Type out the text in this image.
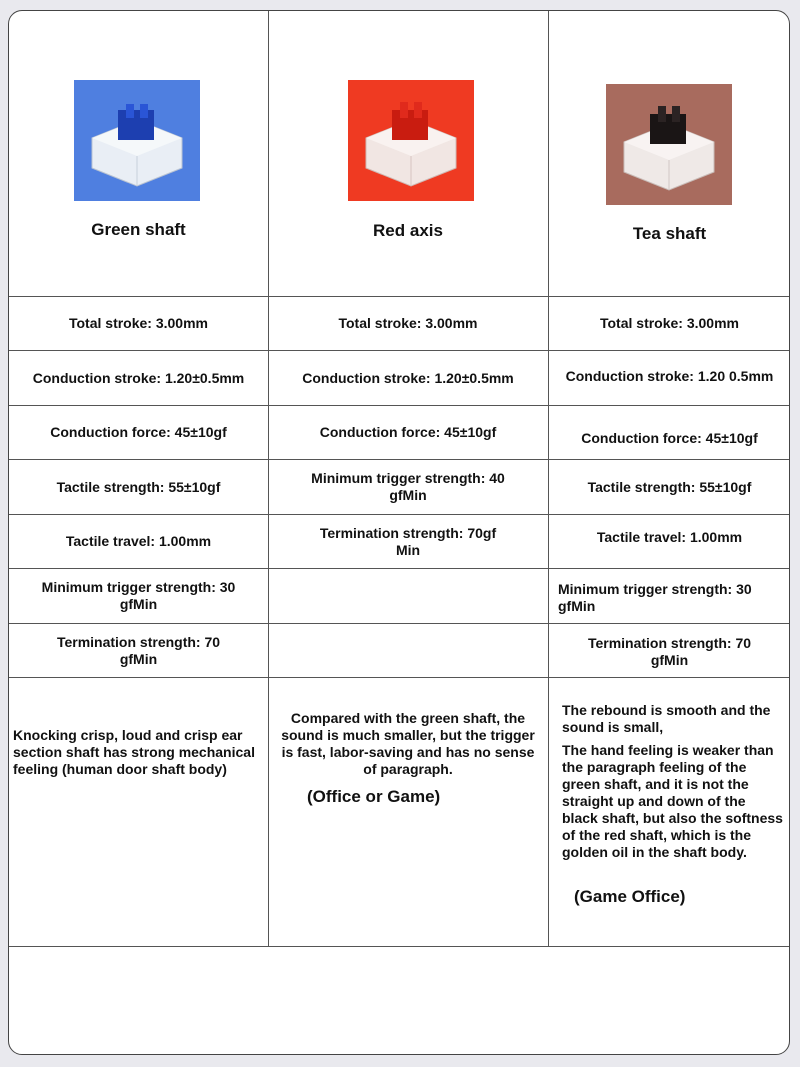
Green shaft	Red axis	Tea shaft
Total stroke: 3.00mm
Conduction stroke: 1.20±0.5mm
Conduction force: 45±10gf
Tactile strength: 55±10gf
Tactile travel: 1.00mm
Minimum trigger strength: 30 gfMin
Termination strength: 70 gfMin
Total stroke: 3.00mm
Conduction stroke: 1.20±0.5mm
Conduction force: 45±10gf
Minimum trigger strength: 40 gfMin
Termination strength: 70gf Min
Total stroke: 3.00mm
Conduction stroke: 1.20 0.5mm
Conduction force: 45±10gf
Tactile strength: 55±10gf
Tactile travel: 1.00mm
Minimum trigger strength: 30 gfMin
Termination strength: 70 gfMin
Knocking crisp, loud and crisp ear section shaft has strong mechanical feeling (human door shaft body)
Compared with the green shaft, the sound is much smaller, but the trigger is fast, labor-saving and has no sense of paragraph.
(Office or Game)
The rebound is smooth and the sound is small,
The hand feeling is weaker than the paragraph feeling of the green shaft, and it is not the straight up and down of the black shaft, but also the softness of the red shaft, which is the golden oil in the shaft body.
(Game Office)
